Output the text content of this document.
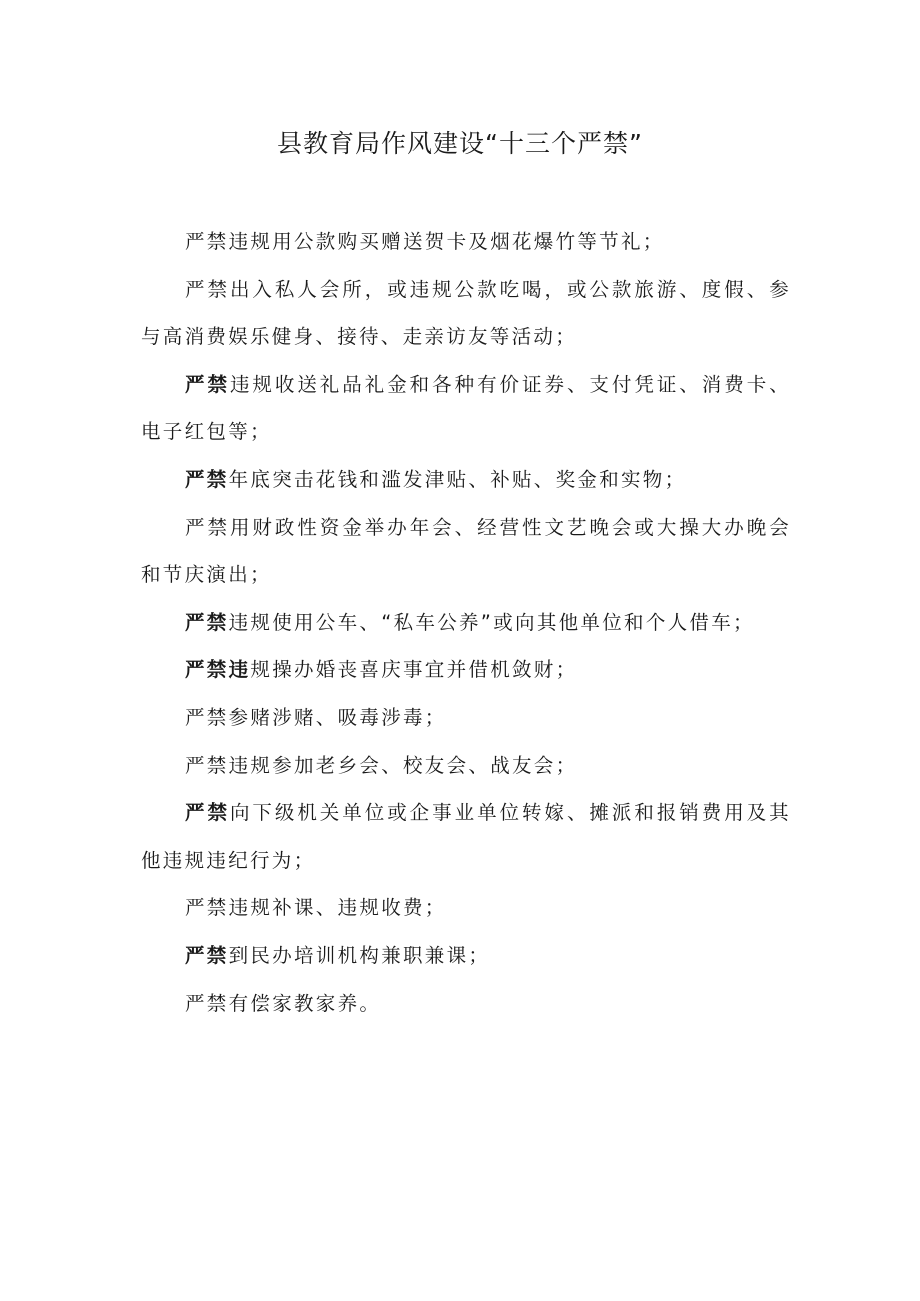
县教育局作风建设“十三个严禁”

严禁违规用公款购买赠送贺卡及烟花爆竹等节礼；

严禁出入私人会所，或违规公款吃喝，或公款旅游、度假、参与高消费娱乐健身、接待、走亲访友等活动；

严禁违规收送礼品礼金和各种有价证券、支付凭证、消费卡、电子红包等；

严禁年底突击花钱和滥发津贴、补贴、奖金和实物；

严禁用财政性资金举办年会、经营性文艺晚会或大操大办晚会和节庆演出；

严禁违规使用公车、“私车公养”或向其他单位和个人借车；

严禁违规操办婚丧喜庆事宜并借机敛财；

严禁参赌涉赌、吸毒涉毒；

严禁违规参加老乡会、校友会、战友会；

严禁向下级机关单位或企事业单位转嫁、摊派和报销费用及其他违规违纪行为；

严禁违规补课、违规收费；

严禁到民办培训机构兼职兼课；

严禁有偿家教家养。
